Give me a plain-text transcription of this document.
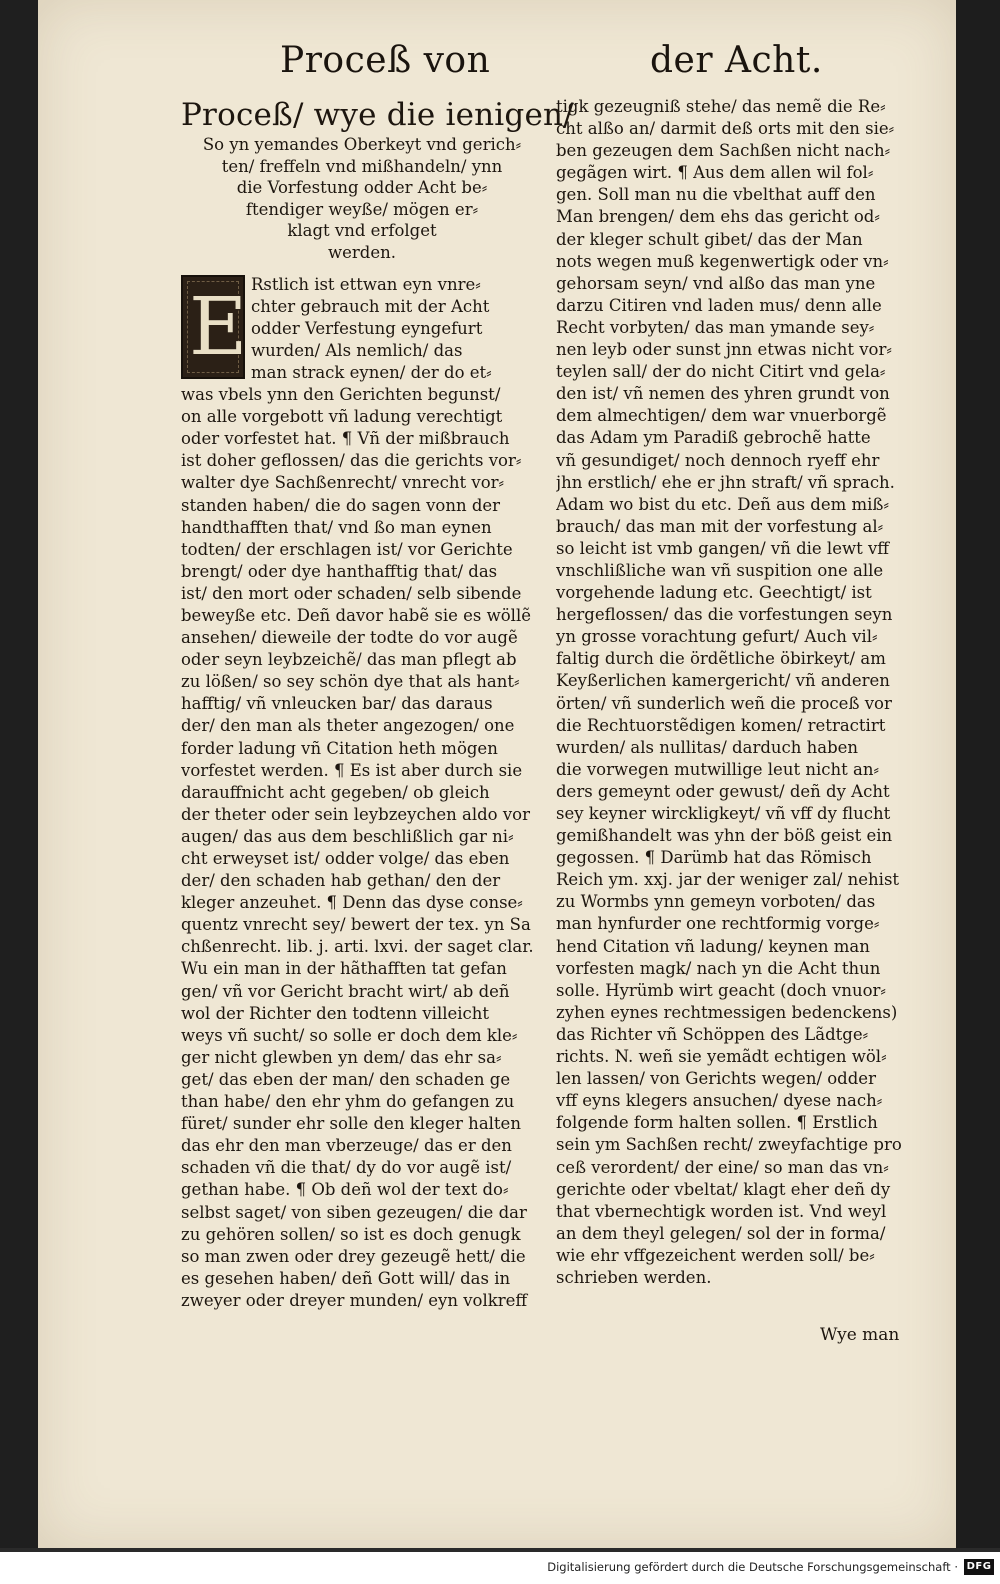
Proceß von	der Acht.
Proceß/ wye die ienigen/
So yn yemandes Oberkeyt vnd gerich⸗
ten/ freffeln vnd mißhandeln/ ynn
die Vorfestung odder Acht be⸗
ftendiger weyße/ mögen er⸗
klagt vnd erfolget
werden.
E Rstlich ist ettwan eyn vnre⸗
chter gebrauch mit der Acht
odder Verfestung eyngefurt
wurden/ Als nemlich/ das
man strack eynen/ der do et⸗
was vbels ynn den Gerichten begunst/
on alle vorgebott vñ ladung verechtigt
oder vorfestet hat. ¶ Vñ der mißbrauch
ist doher geflossen/ das die gerichts vor⸗
walter dye Sachßenrecht/ vnrecht vor⸗
standen haben/ die do sagen vonn der
handthafften that/ vnd ßo man eynen
todten/ der erschlagen ist/ vor Gerichte
brengt/ oder dye hanthafftig that/ das
ist/ den mort oder schaden/ selb sibende
beweyße etc. Deñ davor habẽ sie es wöllẽ
ansehen/ dieweile der todte do vor augẽ
oder seyn leybzeichẽ/ das man pflegt ab
zu lößen/ so sey schön dye that als hant⸗
hafftig/ vñ vnleucken bar/ das daraus
der/ den man als theter angezogen/ one
forder ladung vñ Citation heth mögen
vorfestet werden. ¶ Es ist aber durch sie
darauffnicht acht gegeben/ ob gleich
der theter oder sein leybzeychen aldo vor
augen/ das aus dem beschlißlich gar ni⸗
cht erweyset ist/ odder volge/ das eben
der/ den schaden hab gethan/ den der
kleger anzeuhet. ¶ Denn das dyse conse⸗
quentz vnrecht sey/ bewert der tex. yn Sa
chßenrecht. lib. j. arti. lxvi. der saget clar.
Wu ein man in der hãthafften tat gefan
gen/ vñ vor Gericht bracht wirt/ ab deñ
wol der Richter den todtenn villeicht
weys vñ sucht/ so solle er doch dem kle⸗
ger nicht glewben yn dem/ das ehr sa⸗
get/ das eben der man/ den schaden ge
than habe/ den ehr yhm do gefangen zu
füret/ sunder ehr solle den kleger halten
das ehr den man vberzeuge/ das er den
schaden vñ die that/ dy do vor augẽ ist/
gethan habe. ¶ Ob deñ wol der text do⸗
selbst saget/ von siben gezeugen/ die dar
zu gehören sollen/ so ist es doch genugk
so man zwen oder drey gezeugẽ hett/ die
es gesehen haben/ deñ Gott will/ das in
zweyer oder dreyer munden/ eyn volkreff
tigk gezeugniß stehe/ das nemẽ die Re⸗
cht alßo an/ darmit deß orts mit den sie⸗
ben gezeugen dem Sachßen nicht nach⸗
gegãgen wirt. ¶ Aus dem allen wil fol⸗
gen. Soll man nu die vbelthat auff den
Man brengen/ dem ehs das gericht od⸗
der kleger schult gibet/ das der Man
nots wegen muß kegenwertigk oder vn⸗
gehorsam seyn/ vnd alßo das man yne
darzu Citiren vnd laden mus/ denn alle
Recht vorbyten/ das man ymande sey⸗
nen leyb oder sunst jnn etwas nicht vor⸗
teylen sall/ der do nicht Citirt vnd gela⸗
den ist/ vñ nemen des yhren grundt von
dem almechtigen/ dem war vnuerborgẽ
das Adam ym Paradiß gebrochẽ hatte
vñ gesundiget/ noch dennoch ryeff ehr
jhn erstlich/ ehe er jhn straft/ vñ sprach.
Adam wo bist du etc. Deñ aus dem miß⸗
brauch/ das man mit der vorfestung al⸗
so leicht ist vmb gangen/ vñ die lewt vff
vnschlißliche wan vñ suspition one alle
vorgehende ladung etc. Geechtigt/ ist
hergeflossen/ das die vorfestungen seyn
yn grosse vorachtung gefurt/ Auch vil⸗
faltig durch die ördẽtliche öbirkeyt/ am
Keyßerlichen kamergericht/ vñ anderen
örten/ vñ sunderlich weñ die proceß vor
die Rechtuorstẽdigen komen/ retractirt
wurden/ als nullitas/ darduch haben
die vorwegen mutwillige leut nicht an⸗
ders gemeynt oder gewust/ deñ dy Acht
sey keyner wirckligkeyt/ vñ vff dy flucht
gemißhandelt was yhn der böß geist ein
gegossen. ¶ Darümb hat das Römisch
Reich ym. xxj. jar der weniger zal/ nehist
zu Wormbs ynn gemeyn vorboten/ das
man hynfurder one rechtformig vorge⸗
hend Citation vñ ladung/ keynen man
vorfesten magk/ nach yn die Acht thun
solle. Hyrümb wirt geacht (doch vnuor⸗
zyhen eynes rechtmessigen bedenckens)
das Richter vñ Schöppen des Lãdtge⸗
richts. N. weñ sie yemãdt echtigen wöl⸗
len lassen/ von Gerichts wegen/ odder
vff eyns klegers ansuchen/ dyese nach⸗
folgende form halten sollen. ¶ Erstlich
sein ym Sachßen recht/ zweyfachtige pro
ceß verordent/ der eine/ so man das vn⸗
gerichte oder vbeltat/ klagt eher deñ dy
that vbernechtigk worden ist. Vnd weyl
an dem theyl gelegen/ sol der in forma/
wie ehr vffgezeichent werden soll/ be⸗
schrieben werden.
Wye man
Digitalisierung gefördert durch die Deutsche Forschungsgemeinschaft · DFG
